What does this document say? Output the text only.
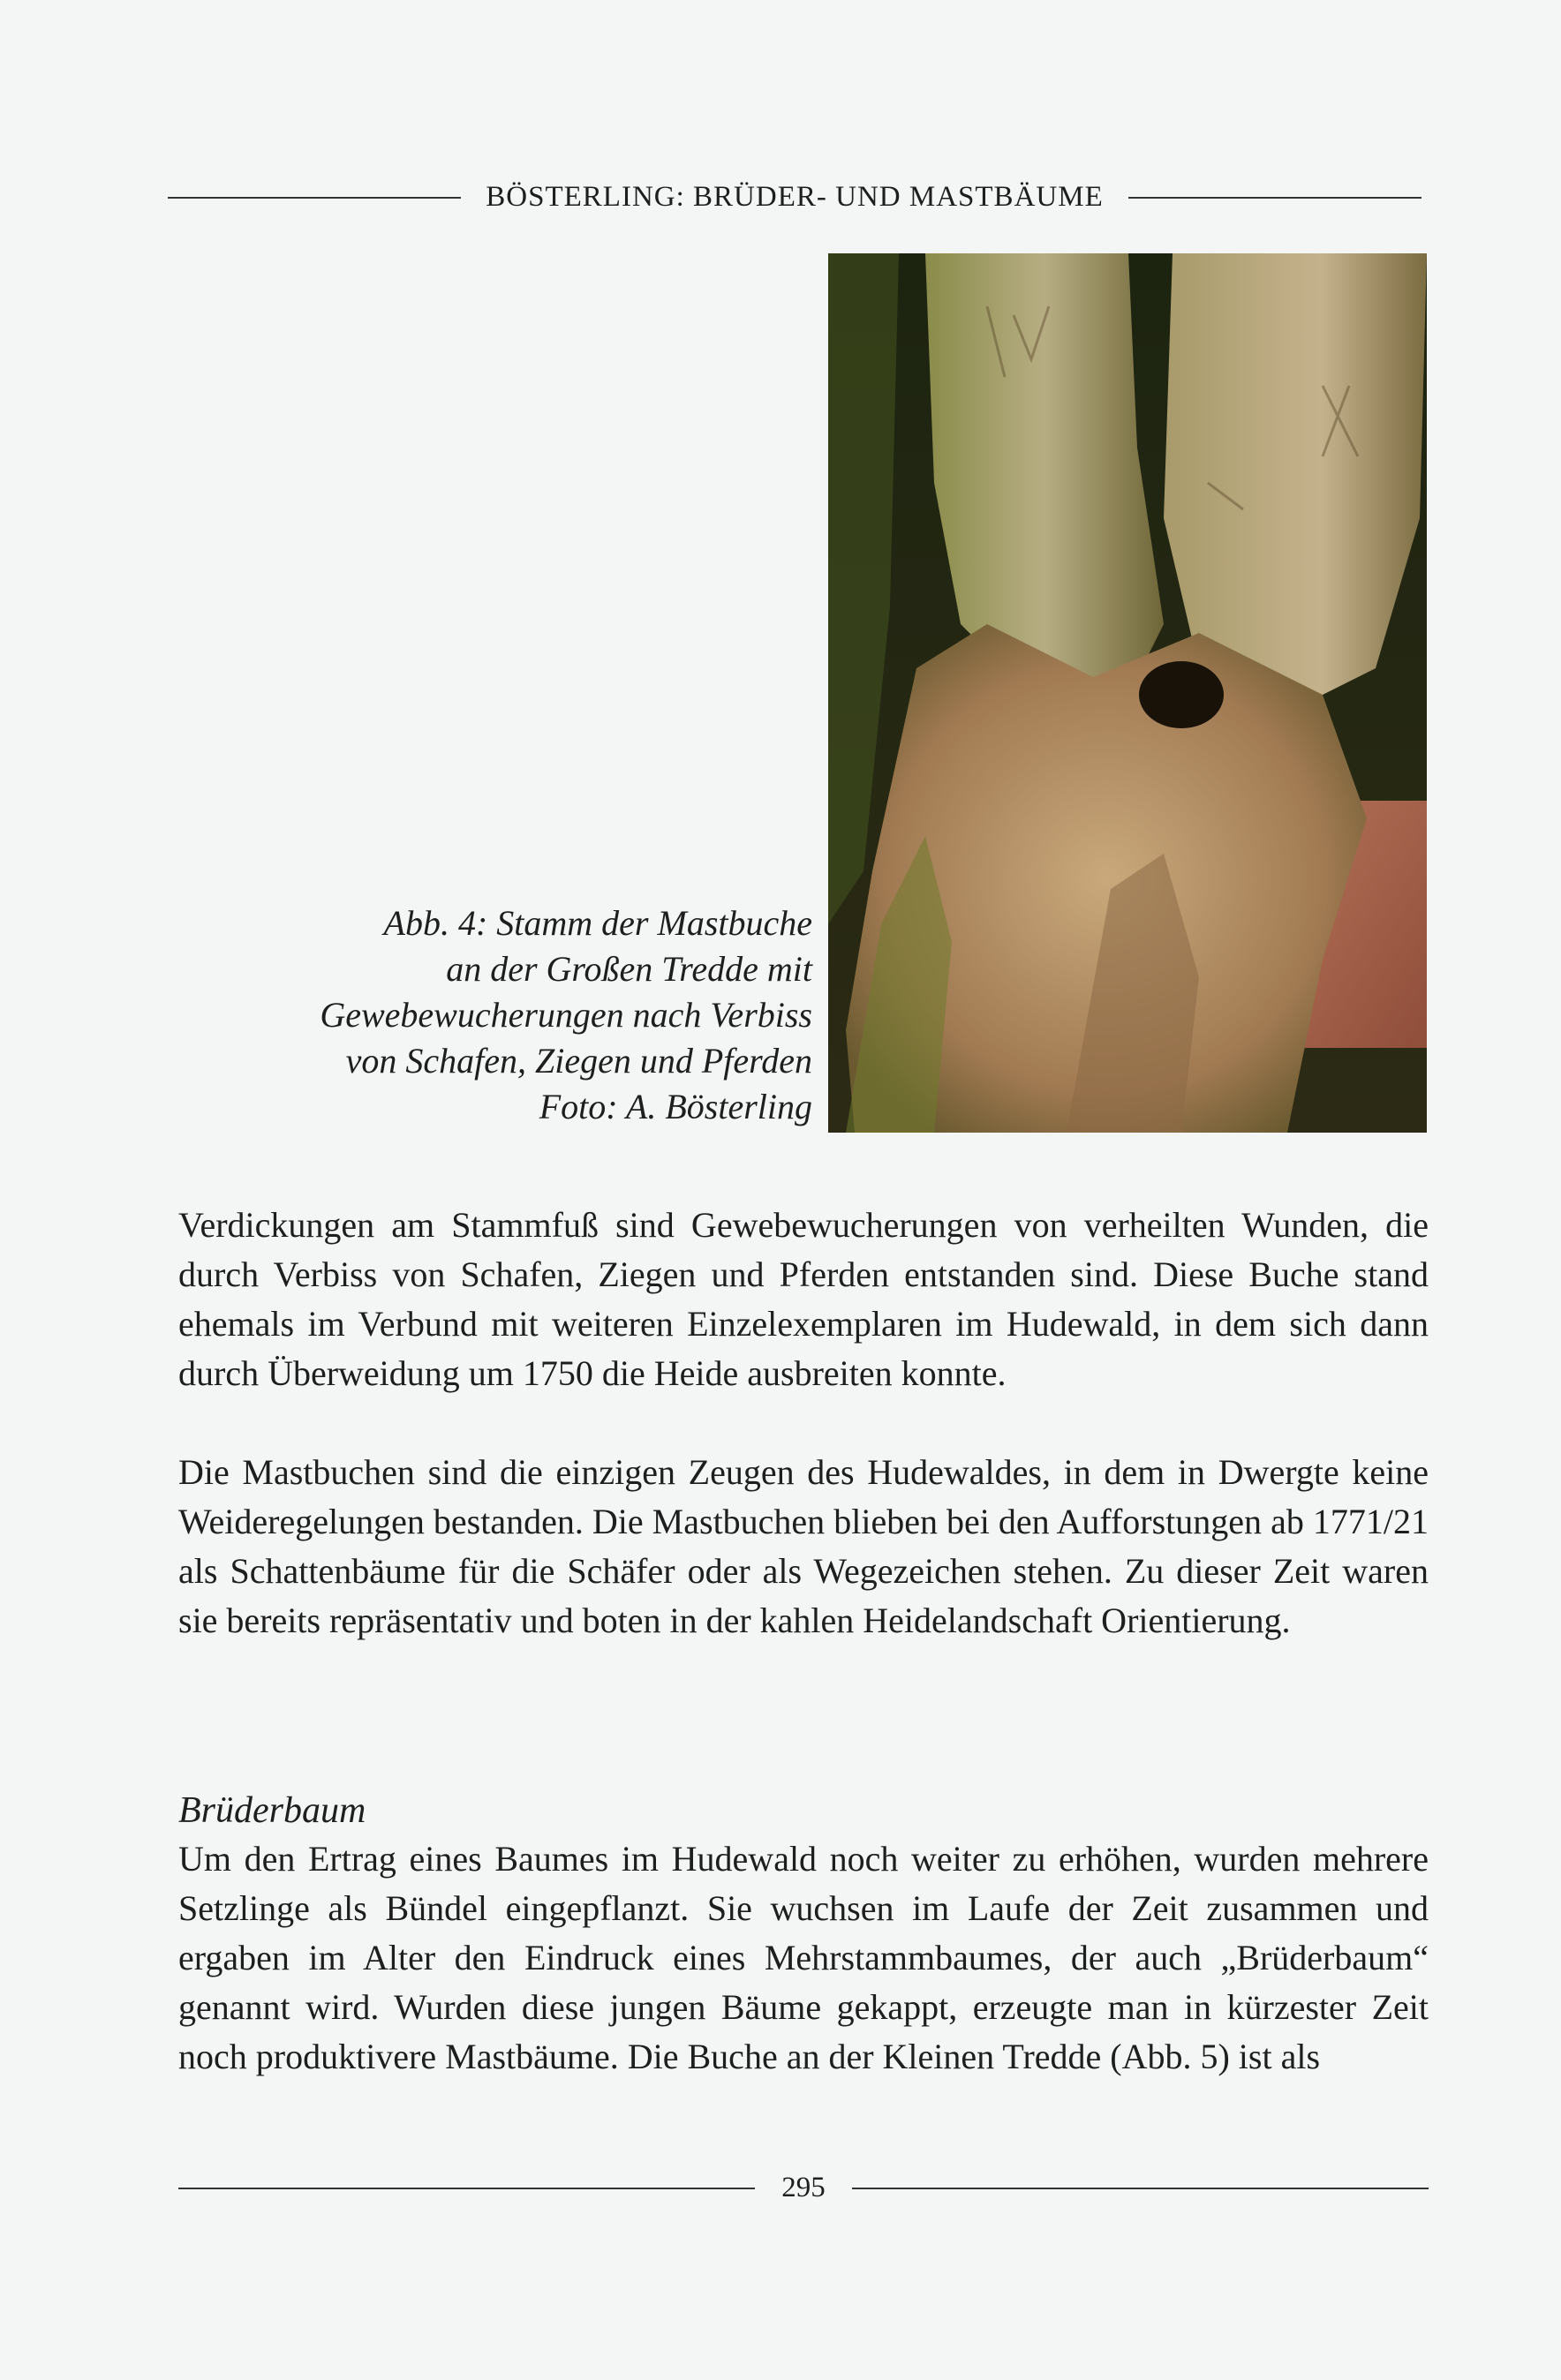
BÖSTERLING: BRÜDER- UND MASTBÄUME
Abb. 4: Stamm der Mastbuche
an der Großen Tredde mit
Gewebewucherungen nach Verbiss
von Schafen, Ziegen und Pferden
Foto: A. Bösterling

Verdickungen am Stammfuß sind Gewebewucherungen von verheilten Wunden, die durch Verbiss von Schafen, Ziegen und Pferden entstanden sind. Diese Buche stand ehemals im Verbund mit weiteren Einzelexemplaren im Hudewald, in dem sich dann durch Überweidung um 1750 die Heide ausbreiten konnte.

Die Mastbuchen sind die einzigen Zeugen des Hudewaldes, in dem in Dwergte keine Weideregelungen bestanden. Die Mastbuchen blieben bei den Aufforstungen ab 1771/21 als Schattenbäume für die Schäfer oder als Wegezeichen stehen. Zu dieser Zeit waren sie bereits repräsentativ und boten in der kahlen Heidelandschaft Orientierung.

Brüderbaum

Um den Ertrag eines Baumes im Hudewald noch weiter zu erhöhen, wurden mehrere Setzlinge als Bündel eingepflanzt. Sie wuchsen im Laufe der Zeit zusammen und ergaben im Alter den Eindruck eines Mehrstammbaumes, der auch „Brüderbaum“ genannt wird. Wurden diese jungen Bäume gekappt, erzeugte man in kürzester Zeit noch produktivere Mastbäume. Die Buche an der Kleinen Tredde (Abb. 5) ist als

295
